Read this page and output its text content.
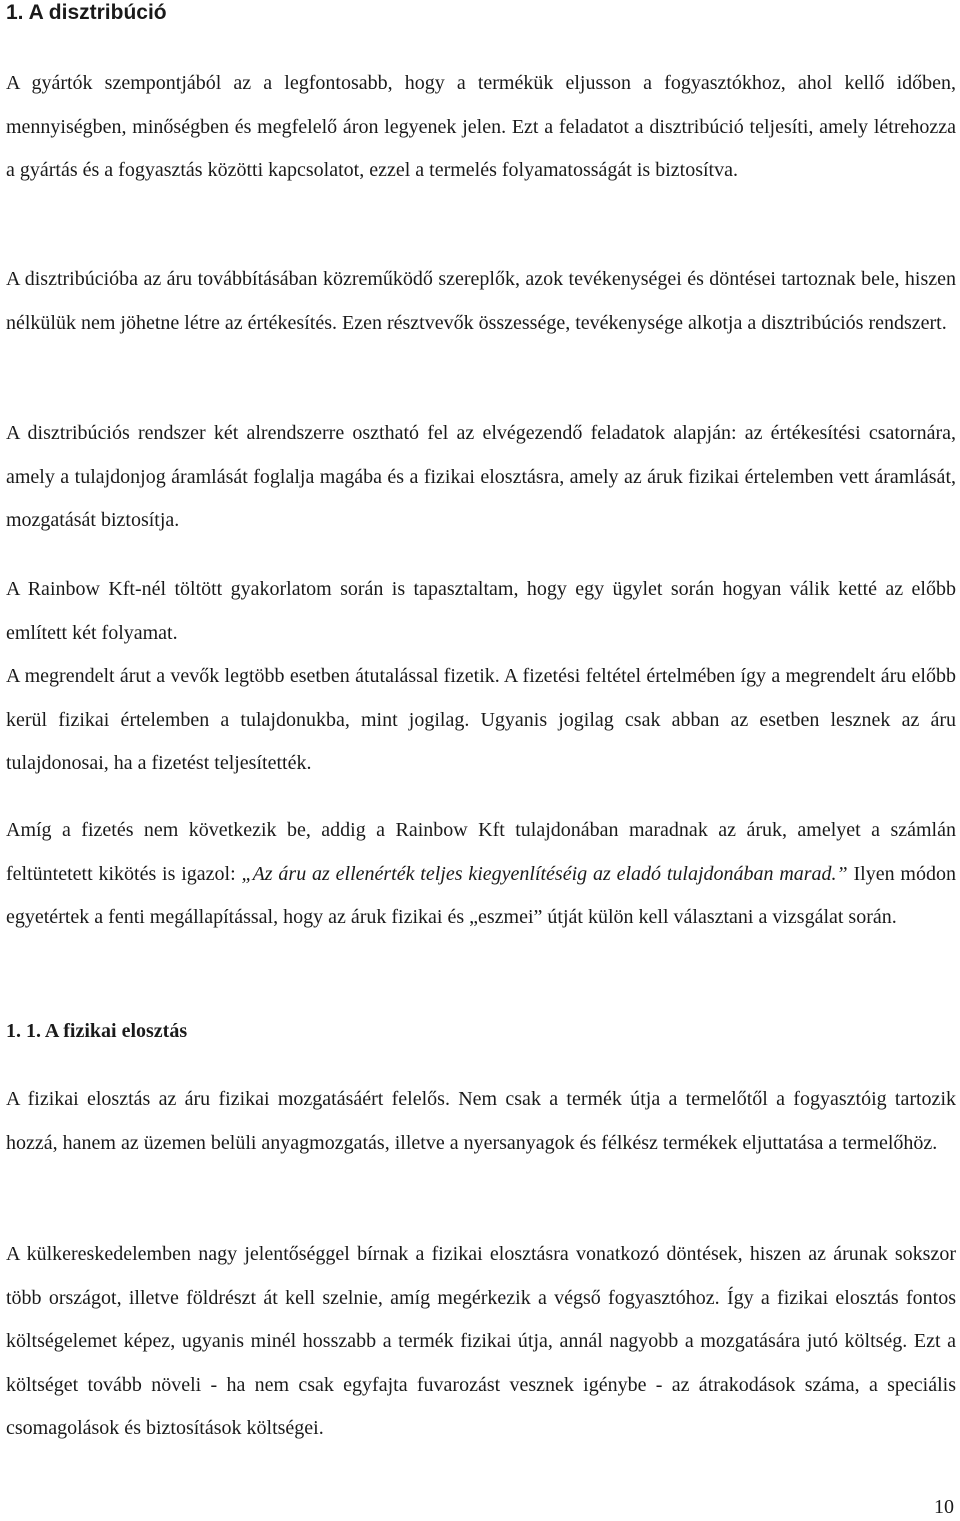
1. A disztribúció

A gyártók szempontjából az a legfontosabb, hogy a termékük eljusson a fogyasztókhoz, ahol kellő időben, mennyiségben, minőségben és megfelelő áron legyenek jelen. Ezt a feladatot a disztribúció teljesíti, amely létrehozza a gyártás és a fogyasztás közötti kapcsolatot, ezzel a termelés folyamatosságát is biztosítva.

A disztribúcióba az áru továbbításában közreműködő szereplők, azok tevékenységei és döntései tartoznak bele, hiszen nélkülük nem jöhetne létre az értékesítés. Ezen résztvevők összessége, tevékenysége alkotja a disztribúciós rendszert.

A disztribúciós rendszer két alrendszerre osztható fel az elvégezendő feladatok alapján: az értékesítési csatornára, amely a tulajdonjog áramlását foglalja magába és a fizikai elosztásra, amely az áruk fizikai értelemben vett áramlását, mozgatását biztosítja.

A Rainbow Kft-nél töltött gyakorlatom során is tapasztaltam, hogy egy ügylet során hogyan válik ketté az előbb említett két folyamat.

A megrendelt árut a vevők legtöbb esetben átutalással fizetik. A fizetési feltétel értelmében így a megrendelt áru előbb kerül fizikai értelemben a tulajdonukba, mint jogilag. Ugyanis jogilag csak abban az esetben lesznek az áru tulajdonosai, ha a fizetést teljesítették.

Amíg a fizetés nem következik be, addig a Rainbow Kft tulajdonában maradnak az áruk, amelyet a számlán feltüntetett kikötés is igazol: „Az áru az ellenérték teljes kiegyenlítéséig az eladó tulajdonában marad.” Ilyen módon egyetértek a fenti megállapítással, hogy az áruk fizikai és „eszmei” útját külön kell választani a vizsgálat során.

1. 1. A fizikai elosztás

A fizikai elosztás az áru fizikai mozgatásáért felelős. Nem csak a termék útja a termelőtől a fogyasztóig tartozik hozzá, hanem az üzemen belüli anyagmozgatás, illetve a nyersanyagok és félkész termékek eljuttatása a termelőhöz.

A külkereskedelemben nagy jelentőséggel bírnak a fizikai elosztásra vonatkozó döntések, hiszen az árunak sokszor több országot, illetve földrészt át kell szelnie, amíg megérkezik a végső fogyasztóhoz. Így a fizikai elosztás fontos költségelemet képez, ugyanis minél hosszabb a termék fizikai útja, annál nagyobb a mozgatására jutó költség. Ezt a költséget tovább növeli - ha nem csak egyfajta fuvarozást vesznek igénybe - az átrakodások száma, a speciális csomagolások és biztosítások költségei.

10
